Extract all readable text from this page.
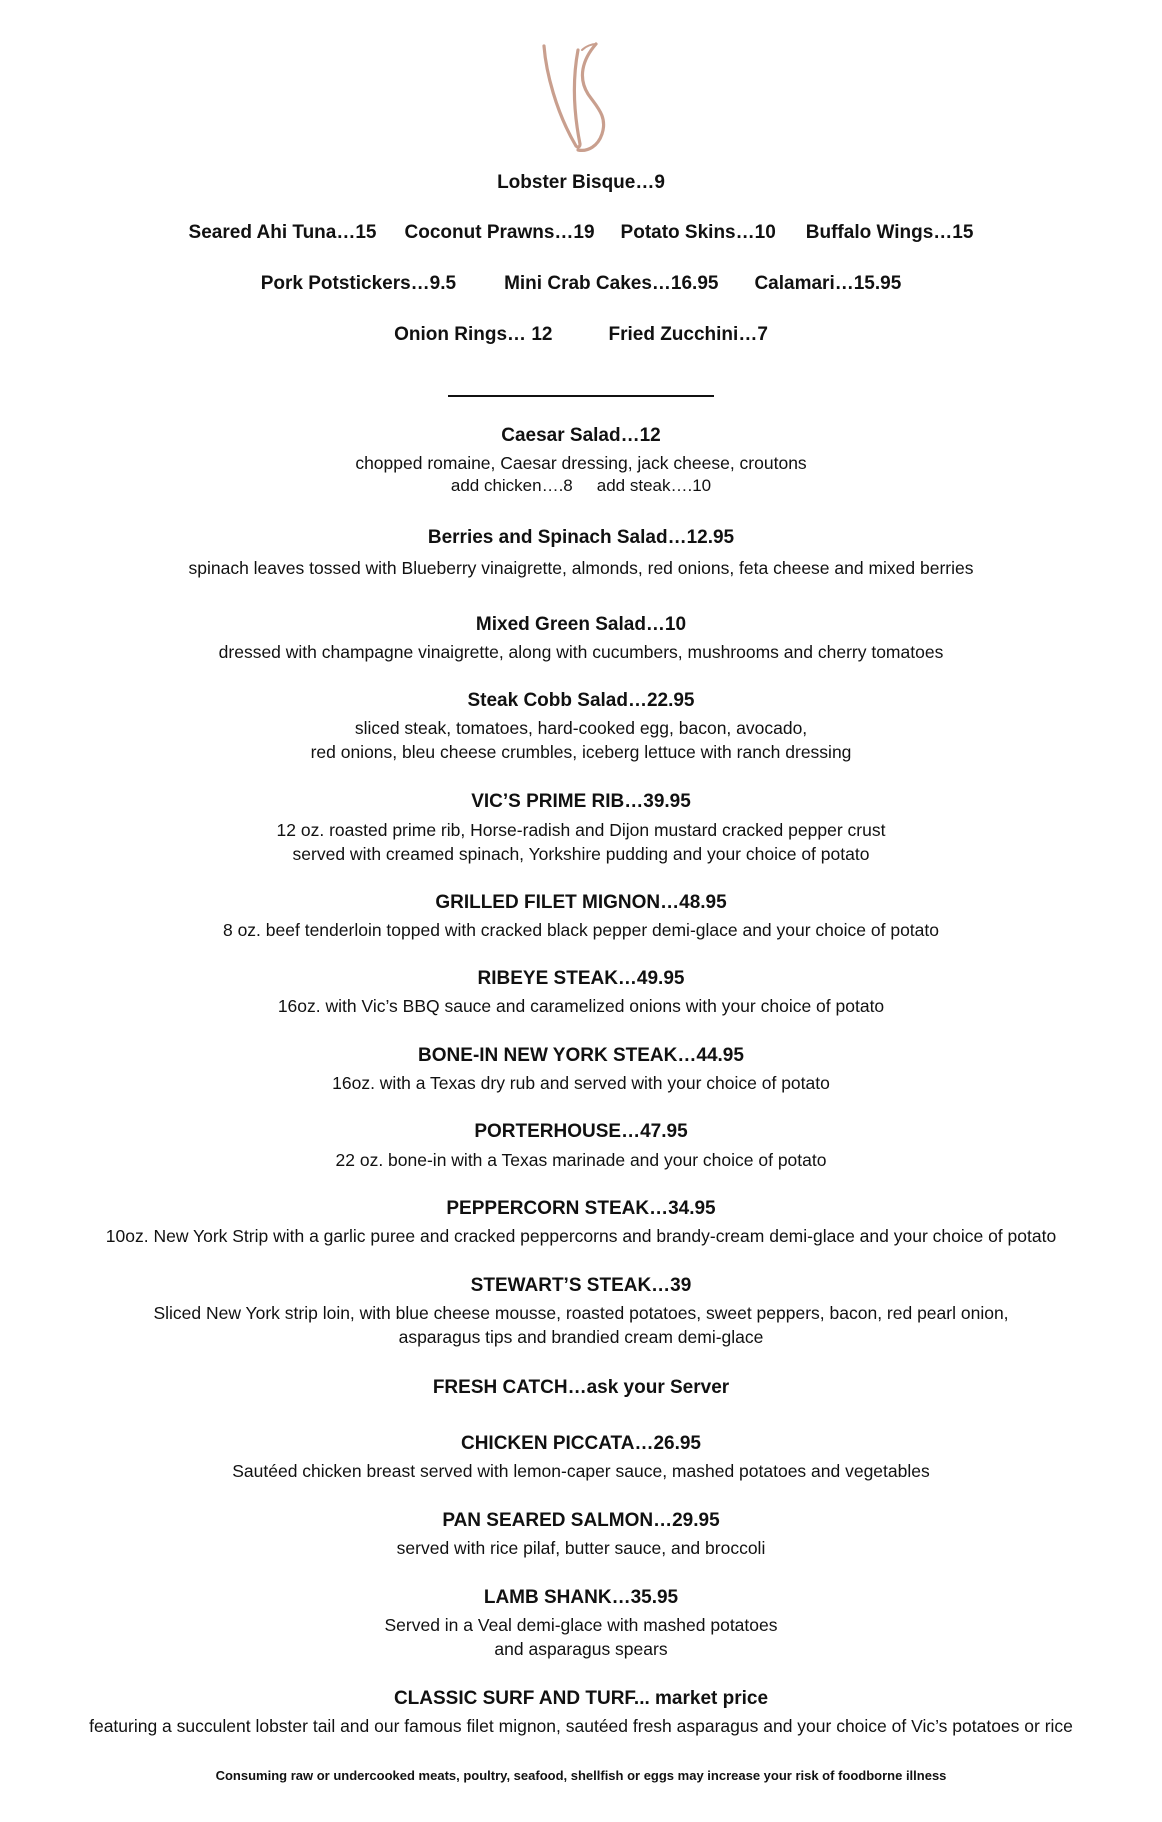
Lobster Bisque…9
Seared Ahi Tuna…15 Coconut Prawns…19 Potato Skins…10 Buffalo Wings…15
Pork Potstickers…9.5	Mini Crab Cakes…16.95 Calamari…15.95
Onion Rings… 12	Fried Zucchini…7
Caesar Salad…12
chopped romaine, Caesar dressing, jack cheese, croutons
add chicken….8 add steak….10
Berries and Spinach Salad…12.95
spinach leaves tossed with Blueberry vinaigrette, almonds, red onions, feta cheese and mixed berries
Mixed Green Salad…10
dressed with champagne vinaigrette, along with cucumbers, mushrooms and cherry tomatoes
Steak Cobb Salad…22.95
sliced steak, tomatoes, hard-cooked egg, bacon, avocado,
red onions, bleu cheese crumbles, iceberg lettuce with ranch dressing
VIC’S PRIME RIB…39.95
12 oz. roasted prime rib, Horse-radish and Dijon mustard cracked pepper crust
served with creamed spinach, Yorkshire pudding and your choice of potato
GRILLED FILET MIGNON…48.95
8 oz. beef tenderloin topped with cracked black pepper demi-glace and your choice of potato
RIBEYE STEAK…49.95
16oz. with Vic’s BBQ sauce and caramelized onions with your choice of potato
BONE-IN NEW YORK STEAK…44.95
16oz. with a Texas dry rub and served with your choice of potato
PORTERHOUSE…47.95
22 oz. bone-in with a Texas marinade and your choice of potato
PEPPERCORN STEAK…34.95
10oz. New York Strip with a garlic puree and cracked peppercorns and brandy-cream demi-glace and your choice of potato
STEWART’S STEAK…39
Sliced New York strip loin, with blue cheese mousse, roasted potatoes, sweet peppers, bacon, red pearl onion,
asparagus tips and brandied cream demi-glace
FRESH CATCH…ask your Server
CHICKEN PICCATA…26.95
Sautéed chicken breast served with lemon-caper sauce, mashed potatoes and vegetables
PAN SEARED SALMON…29.95
served with rice pilaf, butter sauce, and broccoli
LAMB SHANK…35.95
Served in a Veal demi-glace with mashed potatoes
and asparagus spears
CLASSIC SURF AND TURF... market price
featuring a succulent lobster tail and our famous filet mignon, sautéed fresh asparagus and your choice of Vic’s potatoes or rice
Consuming raw or undercooked meats, poultry, seafood, shellfish or eggs may increase your risk of foodborne illness
